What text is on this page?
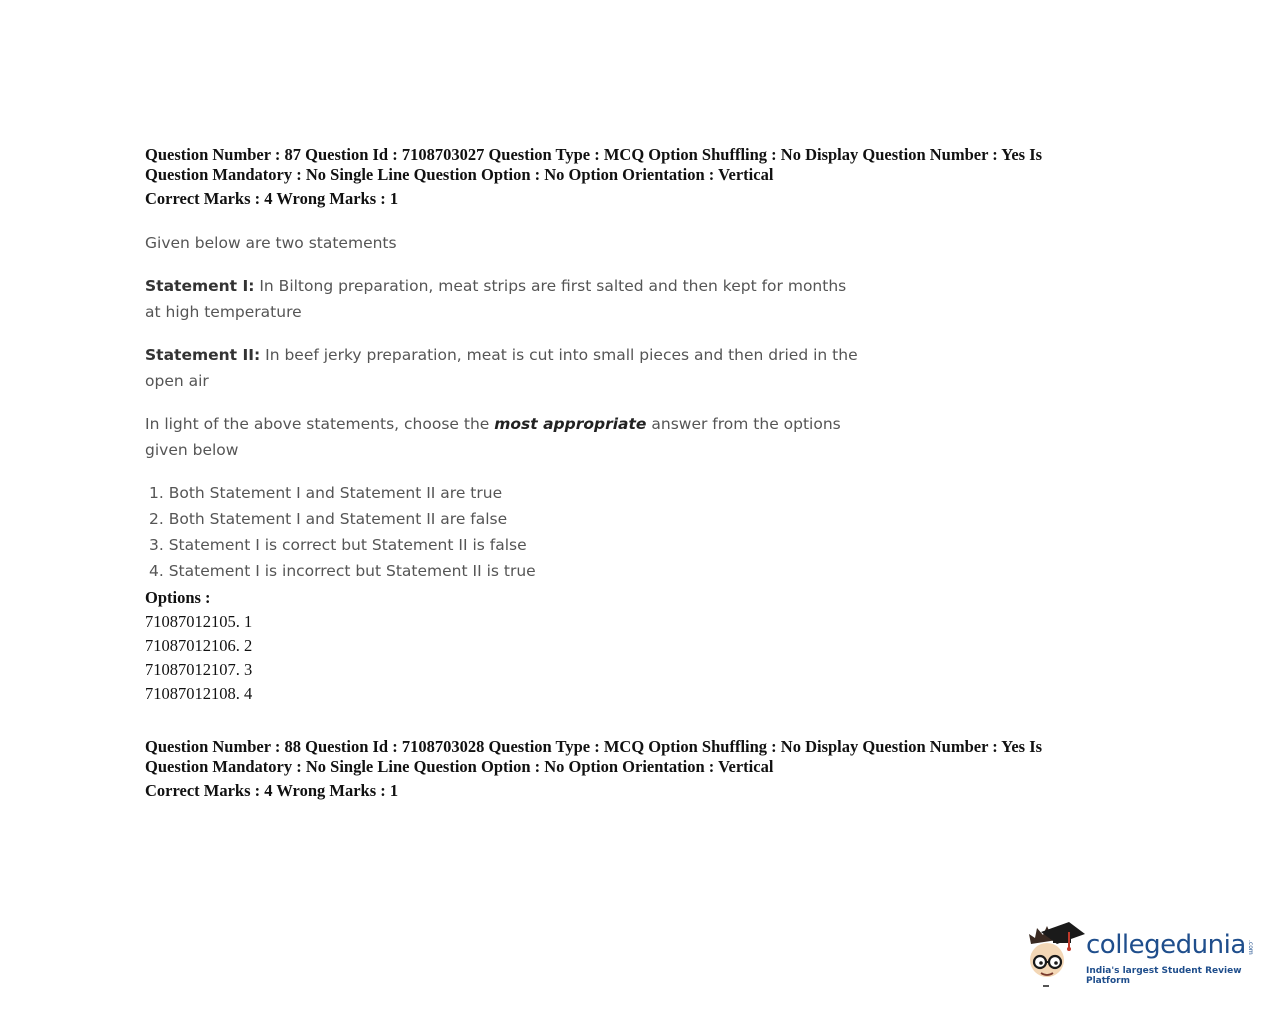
Question Number : 87 Question Id : 7108703027 Question Type : MCQ Option Shuffling : No Display Question Number : Yes Is
Question Mandatory : No Single Line Question Option : No Option Orientation : Vertical
Correct Marks : 4 Wrong Marks : 1

Given below are two statements

Statement I: In Biltong preparation, meat strips are first salted and then kept for months at high temperature

Statement II: In beef jerky preparation, meat is cut into small pieces and then dried in the open air

In light of the above statements, choose the most appropriate answer from the options given below

1. Both Statement I and Statement II are true
2. Both Statement I and Statement II are false
3. Statement I is correct but Statement II is false
4. Statement I is incorrect but Statement II is true
Options :
71087012105. 1
71087012106. 2
71087012107. 3
71087012108. 4
Question Number : 88 Question Id : 7108703028 Question Type : MCQ Option Shuffling : No Display Question Number : Yes Is
Question Mandatory : No Single Line Question Option : No Option Orientation : Vertical
Correct Marks : 4 Wrong Marks : 1
collegedunia .com
India's largest Student Review Platform
